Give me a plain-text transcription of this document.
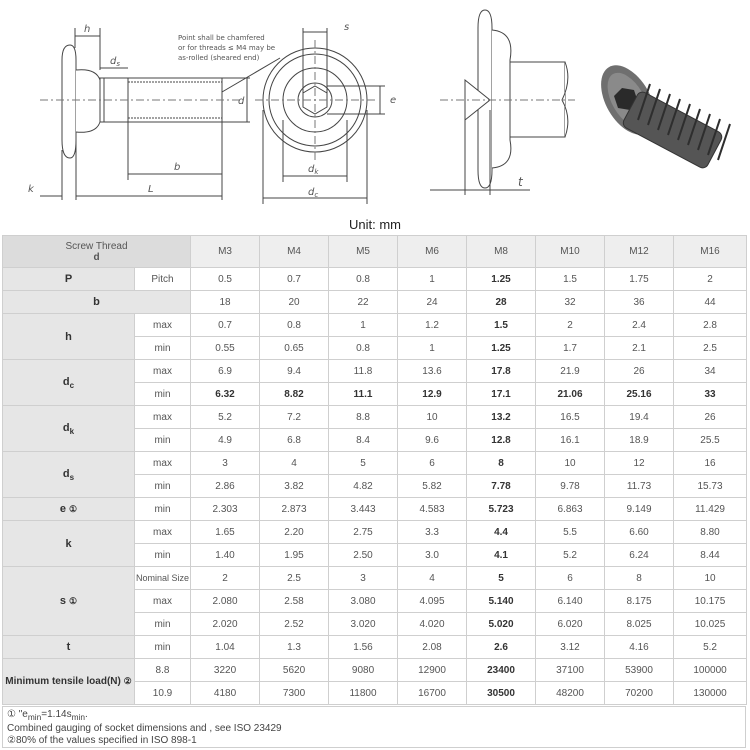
Point shall be chamfered
or for threads ≤ M4 may be
as-rolled (sheared end)
h
$d_s$
d
b
L
k
s
e
$d_k$
$d_c$
t
Unit: mm
Screw Thread
d		M3	M4	M5	M6	M8	M10	M12	M16
P	Pitch	0.5	0.7	0.8	1	1.25	1.5	1.75	2
b		18	20	22	24	28	32	36	44
h	max	0.7	0.8	1	1.2	1.5	2	2.4	2.8
	min	0.55	0.65	0.8	1	1.25	1.7	2.1	2.5
$d_c$	max	6.9	9.4	11.8	13.6	17.8	21.9	26	34
	min	6.32	8.82	11.1	12.9	17.1	21.06	25.16	33
$d_k$	max	5.2	7.2	8.8	10	13.2	16.5	19.4	26
	min	4.9	6.8	8.4	9.6	12.8	16.1	18.9	25.5
$d_s$	max	3	4	5	6	8	10	12	16
	min	2.86	3.82	4.82	5.82	7.78	9.78	11.73	15.73
e ①	min	2.303	2.873	3.443	4.583	5.723	6.863	9.149	11.429
k	max	1.65	2.20	2.75	3.3	4.4	5.5	6.60	8.80
	min	1.40	1.95	2.50	3.0	4.1	5.2	6.24	8.44
s ①	Nominal Size	2	2.5	3	4	5	6	8	10
	max	2.080	2.58	3.080	4.095	5.140	6.140	8.175	10.175
	min	2.020	2.52	3.020	4.020	5.020	6.020	8.025	10.025
t	min	1.04	1.3	1.56	2.08	2.6	3.12	4.16	5.2
Minimum tensile load(N) ②	8.8	3220	5620	9080	12900	23400	37100	53900	100000
	10.9	4180	7300	11800	16700	30500	48200	70200	130000
① "$e_{min}=1.14s_{min}$.
Combined gauging of socket dimensions and , see ISO 23429
②80% of the values specified in ISO 898-1
